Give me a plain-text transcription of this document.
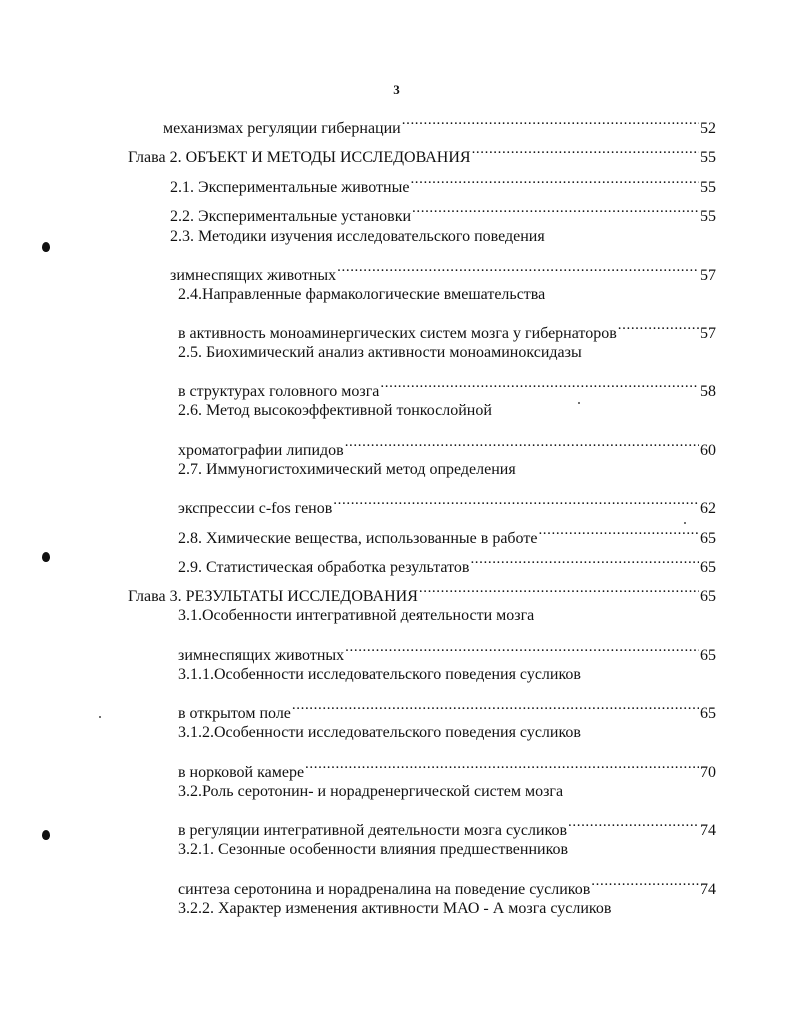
3
механизмах регуляции гибернации .....	52
Глава 2. ОБЪЕКТ И МЕТОДЫ ИССЛЕДОВАНИЯ .....	55
2.1. Экспериментальные животные .....	55
2.2. Экспериментальные установки .....	55
2.3. Методики изучения исследовательского поведения
зимнеспящих животных .....	57
2.4.Направленные фармакологические вмешательства
в активность моноаминергических систем мозга у гибернаторов .....	57
2.5. Биохимический анализ активности моноаминоксидазы
в структурах головного мозга .....	58
2.6. Метод высокоэффективной тонкослойной
хроматографии липидов .....	60
2.7. Иммуногистохимический метод определения
экспрессии c-fos генов .....	62
2.8. Химические вещества, использованные в работе .....	65
2.9. Статистическая обработка результатов .....	65
Глава 3. РЕЗУЛЬТАТЫ ИССЛЕДОВАНИЯ .....	65
3.1.Особенности интегративной деятельности мозга
зимнеспящих животных .....	65
3.1.1.Особенности исследовательского поведения сусликов
в открытом поле .....	65
3.1.2.Особенности исследовательского поведения сусликов
в норковой камере .....	70
3.2.Роль серотонин- и норадренергической систем мозга
в регуляции интегративной деятельности мозга сусликов .....	74
3.2.1. Сезонные особенности влияния предшественников
синтеза серотонина и норадреналина на поведение сусликов .....	74
3.2.2. Характер изменения активности МАО - А мозга сусликов
